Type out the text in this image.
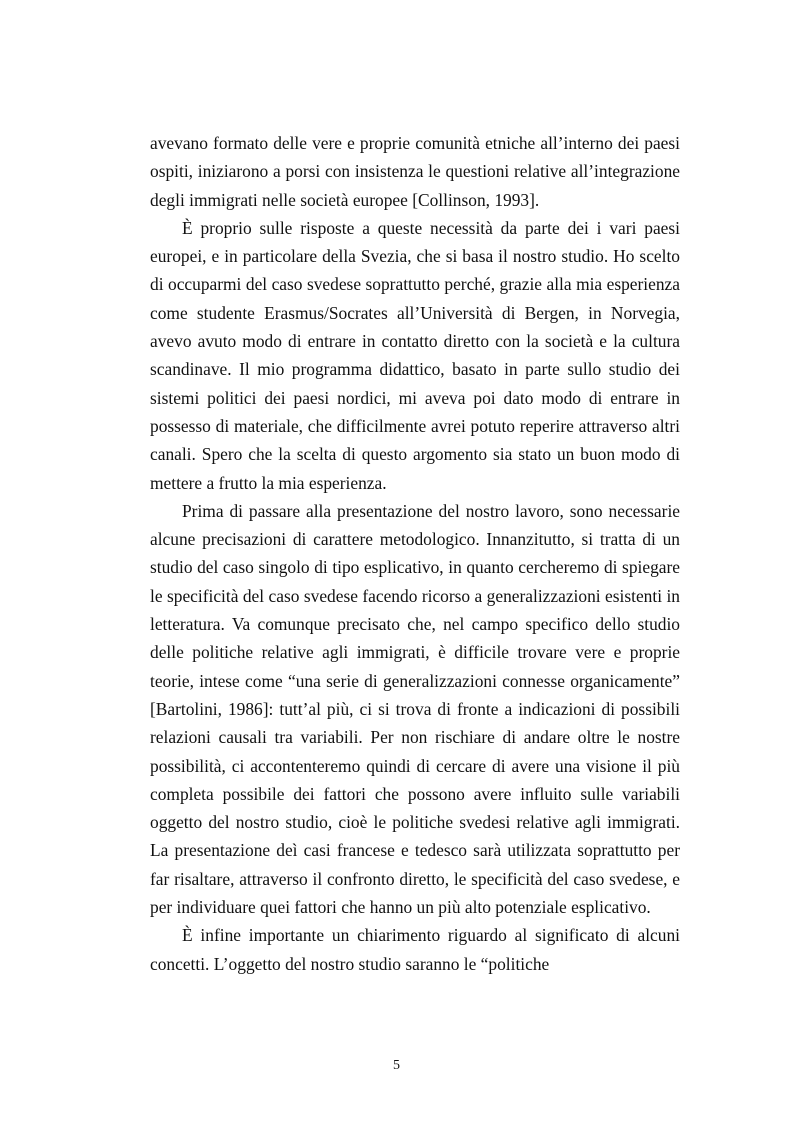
avevano formato delle vere e proprie comunità etniche all’interno dei paesi ospiti, iniziarono a porsi con insistenza le questioni relative all’integrazione degli immigrati nelle società europee [Collinson, 1993].

È proprio sulle risposte a queste necessità da parte dei i vari paesi europei, e in particolare della Svezia, che si basa il nostro studio. Ho scelto di occuparmi del caso svedese soprattutto perché, grazie alla mia esperienza come studente Erasmus/Socrates all’Università di Bergen, in Norvegia, avevo avuto modo di entrare in contatto diretto con la società e la cultura scandinave. Il mio programma didattico, basato in parte sullo studio dei sistemi politici dei paesi nordici, mi aveva poi dato modo di entrare in possesso di materiale, che difficilmente avrei potuto reperire attraverso altri canali. Spero che la scelta di questo argomento sia stato un buon modo di mettere a frutto la mia esperienza.

Prima di passare alla presentazione del nostro lavoro, sono necessarie alcune precisazioni di carattere metodologico. Innanzitutto, si tratta di un studio del caso singolo di tipo esplicativo, in quanto cercheremo di spiegare le specificità del caso svedese facendo ricorso a generalizzazioni esistenti in letteratura. Va comunque precisato che, nel campo specifico dello studio delle politiche relative agli immigrati, è difficile trovare vere e proprie teorie, intese come “una serie di generalizzazioni connesse organicamente” [Bartolini, 1986]: tutt’al più, ci si trova di fronte a indicazioni di possibili relazioni causali tra variabili. Per non rischiare di andare oltre le nostre possibilità, ci accontenteremo quindi di cercare di avere una visione il più completa possibile dei fattori che possono avere influito sulle variabili oggetto del nostro studio, cioè le politiche svedesi relative agli immigrati. La presentazione deì casi francese e tedesco sarà utilizzata soprattutto per far risaltare, attraverso il confronto diretto, le specificità del caso svedese, e per individuare quei fattori che hanno un più alto potenziale esplicativo.

È infine importante un chiarimento riguardo al significato di alcuni concetti. L’oggetto del nostro studio saranno le “politiche

5
